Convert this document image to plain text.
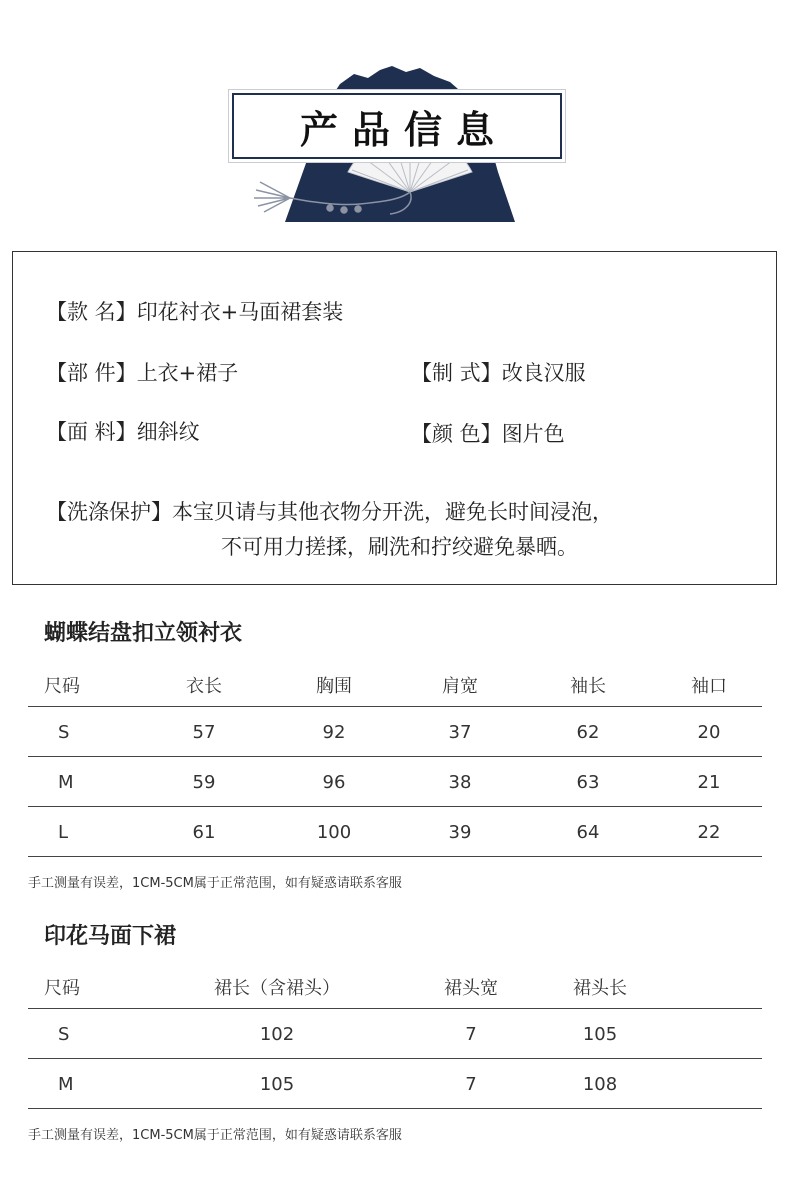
产品信息
【款 名】印花衬衣+马面裙套装
【部 件】上衣+裙子	【制 式】改良汉服
【面 料】细斜纹	【颜 色】图片色
【洗涤保护】本宝贝请与其他衣物分开洗，避免长时间浸泡，
不可用力搓揉，刷洗和拧绞避免暴晒。
蝴蝶结盘扣立领衬衣
尺码	衣长	胸围	肩宽	袖长	袖口
S	57	92	37	62	20
M	59	96	38	63	21
L	61	100	39	64	22
手工测量有误差，1CM-5CM属于正常范围，如有疑惑请联系客服
印花马面下裙
尺码	裙长（含裙头）	裙头宽	裙头长
S	102	7	105
M	105	7	108
手工测量有误差，1CM-5CM属于正常范围，如有疑惑请联系客服
